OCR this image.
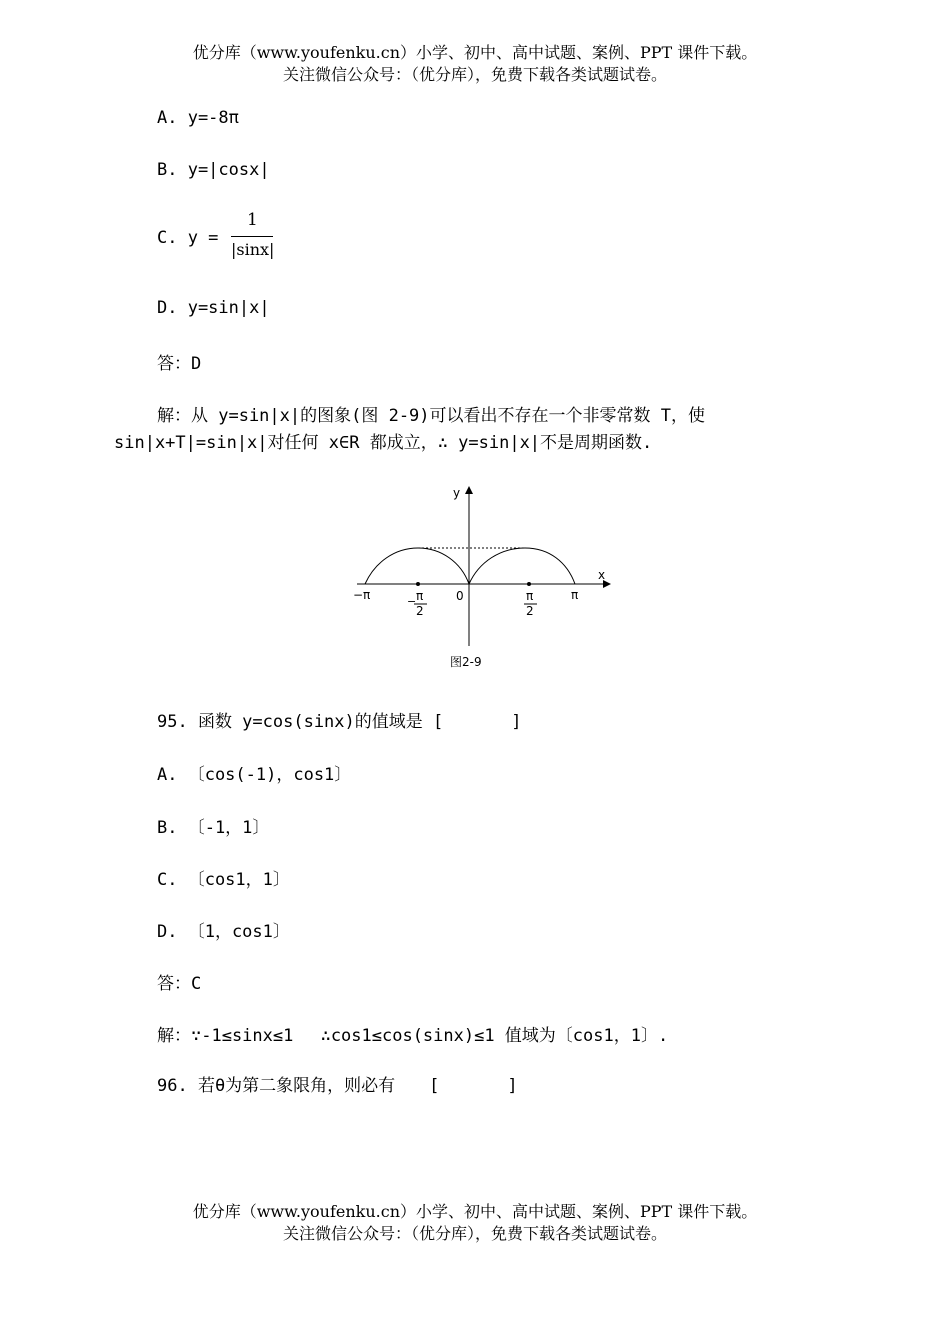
优分库（www.youfenku.cn）小学、初中、高中试题、案例、PPT 课件下载。
关注微信公众号：（优分库），免费下载各类试题试卷。
A. y=-8π
B. y=|cosx|
C. y =
1
|sinx|
D. y=sin|x|
答：D
解：从 y=sin|x|的图象(图 2-9)可以看出不存在一个非零常数 T，使
sin|x+T|=sin|x|对任何 x∈R 都成立，∴ y=sin|x|不是周期函数.
y
x
−π	− π
2
0	π
2
π
图2-9
95. 函数 y=cos(sinx)的值域是 [　　　　]
A. 〔cos(-1)，cos1〕
B. 〔-1，1〕
C. 〔cos1，1〕
D. 〔1，cos1〕
答：C
解：∵-1≤sinx≤1　 ∴cos1≤cos(sinx)≤1 值域为〔cos1，1〕.
96. 若θ为第二象限角，则必有　　[　　　　]
优分库（www.youfenku.cn）小学、初中、高中试题、案例、PPT 课件下载。
关注微信公众号：（优分库），免费下载各类试题试卷。
